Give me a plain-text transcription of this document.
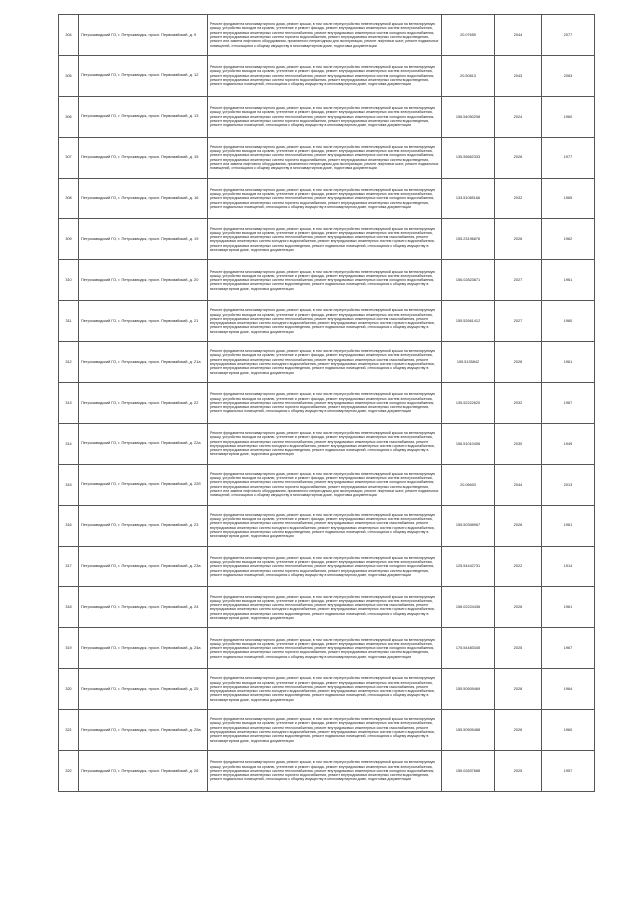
304	Петрозаводский ГО, г. Петрозаводск, просп. Первомайский, д. 9	Ремонт фундамента многоквартирного дома, ремонт крыши, в том числе переустройство невентилируемой крыши на вентилируемую крышу, устройство выходов на кровлю, утепление и ремонт фасада, ремонт внутридомовых инженерных систем электроснабжения, ремонт внутридомовых инженерных систем теплоснабжения, ремонт внутридомовых инженерных систем холодного водоснабжения, ремонт внутридомовых инженерных систем горячего водоснабжения, ремонт внутридомовых инженерных систем водоотведения, ремонт или замена лифтового оборудования, признанного непригодным для эксплуатации, ремонт лифтовых шахт, ремонт подвальных помещений, относящихся к общему имуществу в многоквартирном доме, подготовка документации	20.07659	2044	2077
305	Петрозаводский ГО, г. Петрозаводск, просп. Первомайский, д. 12	Ремонт фундамента многоквартирного дома, ремонт крыши, в том числе переустройство невентилируемой крыши на вентилируемую крышу, устройство выходов на кровлю, утепление и ремонт фасада, ремонт внутридомовых инженерных систем электроснабжения, ремонт внутридомовых инженерных систем теплоснабжения, ремонт внутридомовых инженерных систем холодного водоснабжения, ремонт внутридомовых инженерных систем горячего водоснабжения, ремонт внутридомовых инженерных систем водоотведения, ремонт подвальных помещений, относящихся к общему имуществу в многоквартирном доме, подготовка документации	20.50813	2043	2063
306	Петрозаводский ГО, г. Петрозаводск, просп. Первомайский, д. 13	Ремонт фундамента многоквартирного дома, ремонт крыши, в том числе переустройство невентилируемой крыши на вентилируемую крышу, устройство выходов на кровлю, утепление и ремонт фасада, ремонт внутридомовых инженерных систем электроснабжения, ремонт внутридомовых инженерных систем теплоснабжения, ремонт внутридомовых инженерных систем холодного водоснабжения, ремонт внутридомовых инженерных систем горячего водоснабжения, ремонт внутридомовых инженерных систем водоотведения, ремонт подвальных помещений, относящихся к общему имуществу в многоквартирном доме, подготовка документации	156.54050298	2024	1960
307	Петрозаводский ГО, г. Петрозаводск, просп. Первомайский, д. 15	Ремонт фундамента многоквартирного дома, ремонт крыши, в том числе переустройство невентилируемой крыши на вентилируемую крышу, устройство выходов на кровлю, утепление и ремонт фасада, ремонт внутридомовых инженерных систем электроснабжения, ремонт внутридомовых инженерных систем теплоснабжения, ремонт внутридомовых инженерных систем холодного водоснабжения, ремонт внутридомовых инженерных систем горячего водоснабжения, ремонт внутридомовых инженерных систем водоотведения, ремонт или замена лифтового оборудования, признанного непригодным для эксплуатации, ремонт лифтовых шахт, ремонт подвальных помещений, относящихся к общему имуществу в многоквартирном доме, подготовка документации	135.55662333	2026	1977
308	Петрозаводский ГО, г. Петрозаводск, просп. Первомайский, д. 16	Ремонт фундамента многоквартирного дома, ремонт крыши, в том числе переустройство невентилируемой крыши на вентилируемую крышу, устройство выходов на кровлю, утепление и ремонт фасада, ремонт внутридомовых инженерных систем электроснабжения, ремонт внутридомовых инженерных систем теплоснабжения, ремонт внутридомовых инженерных систем холодного водоснабжения, ремонт внутридомовых инженерных систем горячего водоснабжения, ремонт внутридомовых инженерных систем водоотведения, ремонт подвальных помещений, относящихся к общему имуществу в многоквартирном доме, подготовка документации	133.51065166	2032	1965
309	Петрозаводский ГО, г. Петрозаводск, просп. Первомайский, д. 19	Ремонт фундамента многоквартирного дома, ремонт крыши, в том числе переустройство невентилируемой крыши на вентилируемую крышу, устройство выходов на кровлю, утепление и ремонт фасада, ремонт внутридомовых инженерных систем электроснабжения, ремонт внутридомовых инженерных систем теплоснабжения, ремонт внутридомовых инженерных систем газоснабжения, ремонт внутридомовых инженерных систем холодного водоснабжения, ремонт внутридомовых инженерных систем горячего водоснабжения, ремонт внутридомовых инженерных систем водоотведения, ремонт подвальных помещений, относящихся к общему имуществу в многоквартирном доме, подготовка документации	155.23196876	2026	1962
310	Петрозаводский ГО, г. Петрозаводск, просп. Первомайский, д. 20	Ремонт фундамента многоквартирного дома, ремонт крыши, в том числе переустройство невентилируемой крыши на вентилируемую крышу, устройство выходов на кровлю, утепление и ремонт фасада, ремонт внутридомовых инженерных систем электроснабжения, ремонт внутридомовых инженерных систем теплоснабжения, ремонт внутридомовых инженерных систем холодного водоснабжения, ремонт внутридомовых инженерных систем водоотведения, ремонт подвальных помещений, относящихся к общему имуществу в многоквартирном доме, подготовка документации	156.02823871	2027	1961
311	Петрозаводский ГО, г. Петрозаводск, просп. Первомайский, д. 21	Ремонт фундамента многоквартирного дома, ремонт крыши, в том числе переустройство невентилируемой крыши на вентилируемую крышу, устройство выходов на кровлю, утепление и ремонт фасада, ремонт внутридомовых инженерных систем электроснабжения, ремонт внутридомовых инженерных систем теплоснабжения, ремонт внутридомовых инженерных систем газоснабжения, ремонт внутридомовых инженерных систем холодного водоснабжения, ремонт внутридомовых инженерных систем горячего водоснабжения, ремонт внутридомовых инженерных систем водоотведения, ремонт подвальных помещений, относящихся к общему имуществу в многоквартирном доме, подготовка документации	155.52661412	2027	1960
312	Петрозаводский ГО, г. Петрозаводск, просп. Первомайский, д. 21а	Ремонт фундамента многоквартирного дома, ремонт крыши, в том числе переустройство невентилируемой крыши на вентилируемую крышу, устройство выходов на кровлю, утепление и ремонт фасада, ремонт внутридомовых инженерных систем электроснабжения, ремонт внутридомовых инженерных систем теплоснабжения, ремонт внутридомовых инженерных систем газоснабжения, ремонт внутридомовых инженерных систем холодного водоснабжения, ремонт внутридомовых инженерных систем горячего водоснабжения, ремонт внутридомовых инженерных систем водоотведения, ремонт подвальных помещений, относящихся к общему имуществу в многоквартирном доме, подготовка документации	155.5135842	2028	1961
313	Петрозаводский ГО, г. Петрозаводск, просп. Первомайский, д. 22	Ремонт фундамента многоквартирного дома, ремонт крыши, в том числе переустройство невентилируемой крыши на вентилируемую крышу, устройство выходов на кровлю, утепление и ремонт фасада, ремонт внутридомовых инженерных систем электроснабжения, ремонт внутридомовых инженерных систем теплоснабжения, ремонт внутридомовых инженерных систем холодного водоснабжения, ремонт внутридомовых инженерных систем горячего водоснабжения, ремонт внутридомовых инженерных систем водоотведения, ремонт подвальных помещений, относящихся к общему имуществу в многоквартирном доме, подготовка документации	135.52222620	2032	1967
314	Петрозаводский ГО, г. Петрозаводск, просп. Первомайский, д. 22а	Ремонт фундамента многоквартирного дома, ремонт крыши, в том числе переустройство невентилируемой крыши на вентилируемую крышу, устройство выходов на кровлю, утепление и ремонт фасада, ремонт внутридомовых инженерных систем электроснабжения, ремонт внутридомовых инженерных систем теплоснабжения, ремонт внутридомовых инженерных систем газоснабжения, ремонт внутридомовых инженерных систем холодного водоснабжения, ремонт внутридомовых инженерных систем горячего водоснабжения, ремонт внутридомовых инженерных систем водоотведения, ремонт подвальных помещений, относящихся к общему имуществу в многоквартирном доме, подготовка документации	156.51010406	2030	1949
315	Петрозаводский ГО, г. Петрозаводск, просп. Первомайский, д. 22б	Ремонт фундамента многоквартирного дома, ремонт крыши, в том числе переустройство невентилируемой крыши на вентилируемую крышу, устройство выходов на кровлю, утепление и ремонт фасада, ремонт внутридомовых инженерных систем электроснабжения, ремонт внутридомовых инженерных систем теплоснабжения, ремонт внутридомовых инженерных систем холодного водоснабжения, ремонт внутридомовых инженерных систем горячего водоснабжения, ремонт внутридомовых инженерных систем водоотведения, ремонт или замена лифтового оборудования, признанного непригодным для эксплуатации, ремонт лифтовых шахт, ремонт подвальных помещений, относящихся к общему имуществу в многоквартирном доме, подготовка документации	20.06603	2044	2013
316	Петрозаводский ГО, г. Петрозаводск, просп. Первомайский, д. 23	Ремонт фундамента многоквартирного дома, ремонт крыши, в том числе переустройство невентилируемой крыши на вентилируемую крышу, устройство выходов на кровлю, утепление и ремонт фасада, ремонт внутридомовых инженерных систем электроснабжения, ремонт внутридомовых инженерных систем теплоснабжения, ремонт внутридомовых инженерных систем газоснабжения, ремонт внутридомовых инженерных систем холодного водоснабжения, ремонт внутридомовых инженерных систем горячего водоснабжения, ремонт внутридомовых инженерных систем водоотведения, ремонт подвальных помещений, относящихся к общему имуществу в многоквартирном доме, подготовка документации	155.50398967	2026	1961
317	Петрозаводский ГО, г. Петрозаводск, просп. Первомайский, д. 23а	Ремонт фундамента многоквартирного дома, ремонт крыши, в том числе переустройство невентилируемой крыши на вентилируемую крышу, устройство выходов на кровлю, утепление и ремонт фасада, ремонт внутридомовых инженерных систем электроснабжения, ремонт внутридомовых инженерных систем теплоснабжения, ремонт внутридомовых инженерных систем холодного водоснабжения, ремонт внутридомовых инженерных систем горячего водоснабжения, ремонт внутридомовых инженерных систем водоотведения, ремонт подвальных помещений, относящихся к общему имуществу в многоквартирном доме, подготовка документации	125.54442731	2022	1914
318	Петрозаводский ГО, г. Петрозаводск, просп. Первомайский, д. 24	Ремонт фундамента многоквартирного дома, ремонт крыши, в том числе переустройство невентилируемой крыши на вентилируемую крышу, устройство выходов на кровлю, утепление и ремонт фасада, ремонт внутридомовых инженерных систем электроснабжения, ремонт внутридомовых инженерных систем теплоснабжения, ремонт внутридомовых инженерных систем газоснабжения, ремонт внутридомовых инженерных систем холодного водоснабжения, ремонт внутридомовых инженерных систем горячего водоснабжения, ремонт внутридомовых инженерных систем водоотведения, ремонт подвальных помещений, относящихся к общему имуществу в многоквартирном доме, подготовка документации	156.02224436	2026	1961
319	Петрозаводский ГО, г. Петрозаводск, просп. Первомайский, д. 24а	Ремонт фундамента многоквартирного дома, ремонт крыши, в том числе переустройство невентилируемой крыши на вентилируемую крышу, устройство выходов на кровлю, утепление и ремонт фасада, ремонт внутридомовых инженерных систем электроснабжения, ремонт внутридомовых инженерных систем теплоснабжения, ремонт внутридомовых инженерных систем холодного водоснабжения, ремонт внутридомовых инженерных систем горячего водоснабжения, ремонт внутридомовых инженерных систем водоотведения, ремонт подвальных помещений, относящихся к общему имуществу в многоквартирном доме, подготовка документации	175.54483345	2025	1967
320	Петрозаводский ГО, г. Петрозаводск, просп. Первомайский, д. 25	Ремонт фундамента многоквартирного дома, ремонт крыши, в том числе переустройство невентилируемой крыши на вентилируемую крышу, устройство выходов на кровлю, утепление и ремонт фасада, ремонт внутридомовых инженерных систем электроснабжения, ремонт внутридомовых инженерных систем теплоснабжения, ремонт внутридомовых инженерных систем газоснабжения, ремонт внутридомовых инженерных систем холодного водоснабжения, ремонт внутридомовых инженерных систем горячего водоснабжения, ремонт внутридомовых инженерных систем водоотведения, ремонт подвальных помещений, относящихся к общему имуществу в многоквартирном доме, подготовка документации	155.50509469	2028	1964
321	Петрозаводский ГО, г. Петрозаводск, просп. Первомайский, д. 25а	Ремонт фундамента многоквартирного дома, ремонт крыши, в том числе переустройство невентилируемой крыши на вентилируемую крышу, устройство выходов на кровлю, утепление и ремонт фасада, ремонт внутридомовых инженерных систем электроснабжения, ремонт внутридомовых инженерных систем теплоснабжения, ремонт внутридомовых инженерных систем газоснабжения, ремонт внутридомовых инженерных систем холодного водоснабжения, ремонт внутридомовых инженерных систем горячего водоснабжения, ремонт внутридомовых инженерных систем водоотведения, ремонт подвальных помещений, относящихся к общему имуществу в многоквартирном доме, подготовка документации	155.50505488	2026	1960
322	Петрозаводский ГО, г. Петрозаводск, просп. Первомайский, д. 26	Ремонт фундамента многоквартирного дома, ремонт крыши, в том числе переустройство невентилируемой крыши на вентилируемую крышу, устройство выходов на кровлю, утепление и ремонт фасада, ремонт внутридомовых инженерных систем электроснабжения, ремонт внутридомовых инженерных систем теплоснабжения, ремонт внутридомовых инженерных систем холодного водоснабжения, ремонт внутридомовых инженерных систем горячего водоснабжения, ремонт внутридомовых инженерных систем водоотведения, ремонт подвальных помещений, относящихся к общему имуществу в многоквартирном доме, подготовка документации	156.02837688	2025	1957
